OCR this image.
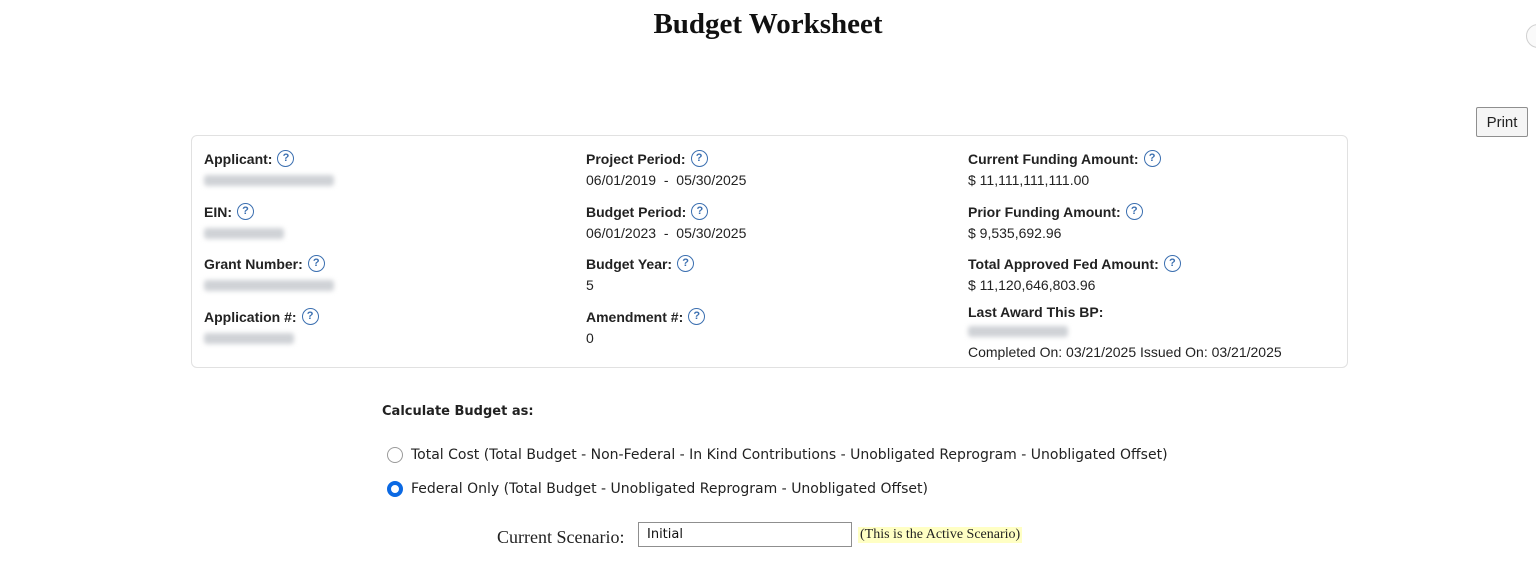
Budget Worksheet
Print
Applicant: ?
EIN: ?
Grant Number: ?
Application #: ?
Project Period: ?
06/01/2019  -  05/30/2025
Budget Period: ?
06/01/2023  -  05/30/2025
Budget Year: ?
5
Amendment #: ?
0
Current Funding Amount: ?
$ 11,111,111,111.00
Prior Funding Amount: ?
$ 9,535,692.96
Total Approved Fed Amount: ?
$ 11,120,646,803.96
Last Award This BP:
Completed On: 03/21/2025 Issued On: 03/21/2025
Calculate Budget as:
Total Cost (Total Budget - Non-Federal - In Kind Contributions - Unobligated Reprogram - Unobligated Offset)
Federal Only (Total Budget - Unobligated Reprogram - Unobligated Offset)
Current Scenario:
Initial	(This is the Active Scenario)
